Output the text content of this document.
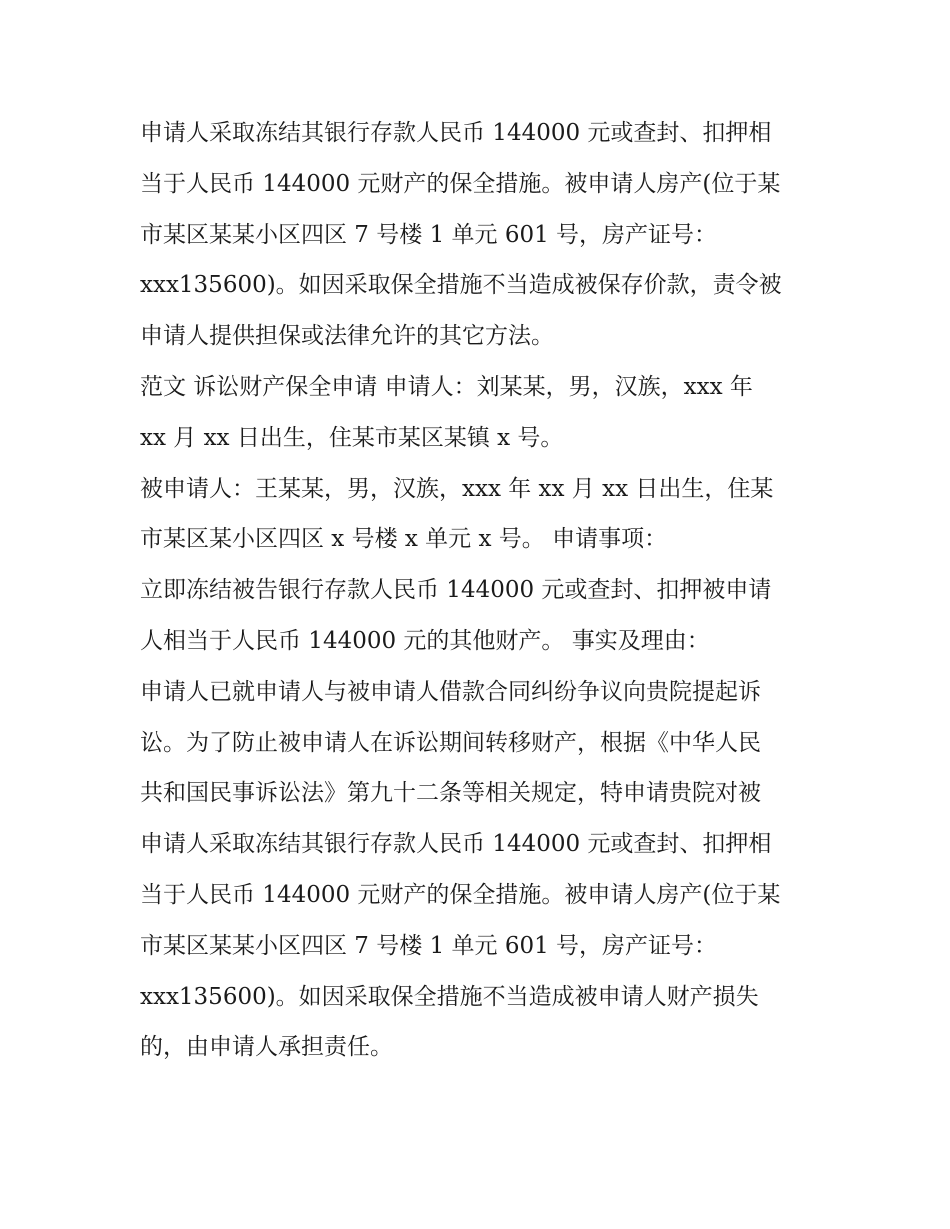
申请人采取冻结其银行存款人民币 144000 元或查封、扣押相
当于人民币 144000 元财产的保全措施。被申请人房产(位于某
市某区某某小区四区 7 号楼 1 单元 601 号，房产证号：
xxx135600)。如因采取保全措施不当造成被保存价款，责令被
申请人提供担保或法律允许的其它方法。
范文 诉讼财产保全申请 申请人：刘某某，男，汉族，xxx 年
xx 月 xx 日出生，住某市某区某镇 x 号。
被申请人：王某某，男，汉族，xxx 年 xx 月 xx 日出生，住某
市某区某小区四区 x 号楼 x 单元 x 号。 申请事项：
立即冻结被告银行存款人民币 144000 元或查封、扣押被申请
人相当于人民币 144000 元的其他财产。 事实及理由：
申请人已就申请人与被申请人借款合同纠纷争议向贵院提起诉
讼。为了防止被申请人在诉讼期间转移财产，根据《中华人民
共和国民事诉讼法》第九十二条等相关规定，特申请贵院对被
申请人采取冻结其银行存款人民币 144000 元或查封、扣押相
当于人民币 144000 元财产的保全措施。被申请人房产(位于某
市某区某某小区四区 7 号楼 1 单元 601 号，房产证号：
xxx135600)。如因采取保全措施不当造成被申请人财产损失
的，由申请人承担责任。
